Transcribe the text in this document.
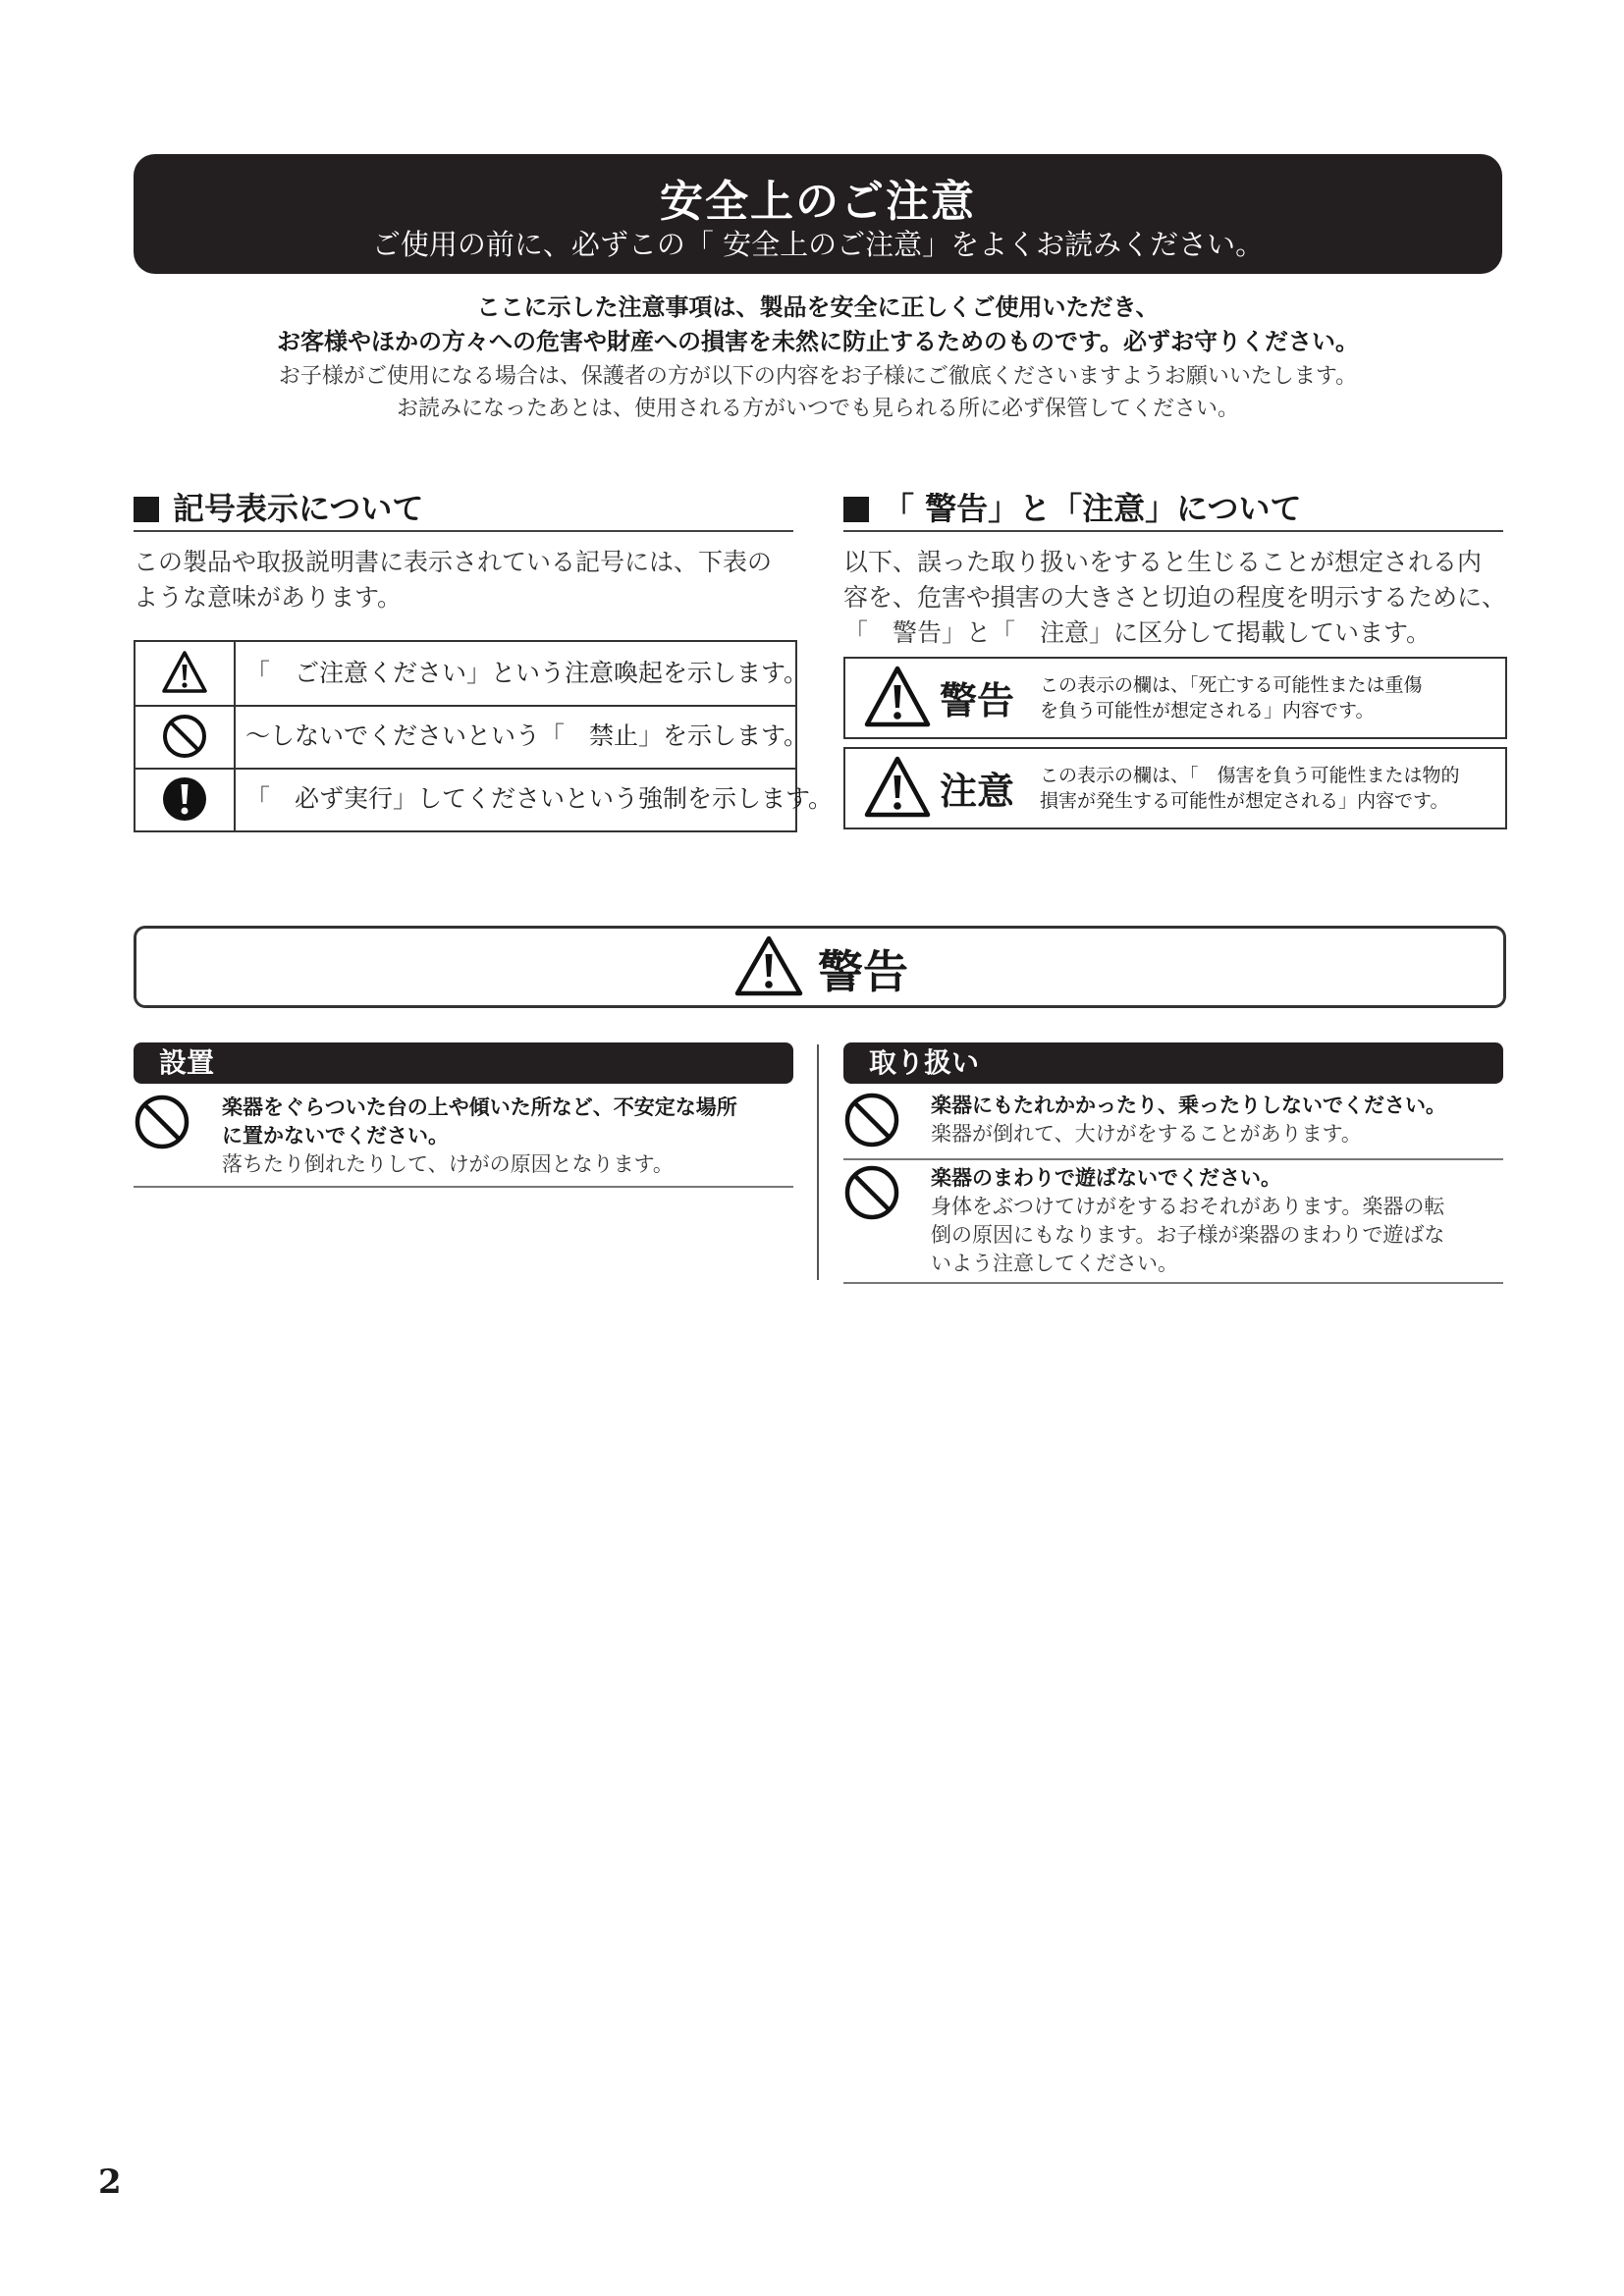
安全上のご注意
ご使用の前に、必ずこの「 安全上のご注意」をよくお読みください。
ここに示した注意事項は、製品を安全に正しくご使用いただき、
お客様やほかの方々への危害や財産への損害を未然に防止するためのものです。必ずお守りください。
お子様がご使用になる場合は、保護者の方が以下の内容をお子様にご徹底くださいますようお願いいたします。
お読みになったあとは、使用される方がいつでも見られる所に必ず保管してください。
記号表示について
この製品や取扱説明書に表示されている記号には、下表の
ような意味があります。
「　ご注意ください」という注意喚起を示します。
～しないでくださいという「　禁止」を示します。
「　必ず実行」してくださいという強制を示します。
「 警告」と「注意」について
以下、誤った取り扱いをすると生じることが想定される内
容を、危害や損害の大きさと切迫の程度を明示するために、
「　警告」と「　注意」に区分して掲載しています。
警告 この表示の欄は、「死亡する可能性または重傷
を負う可能性が想定される」内容です。
注意 この表示の欄は、「　傷害を負う可能性または物的
損害が発生する可能性が想定される」内容です。
警告
設置
楽器をぐらついた台の上や傾いた所など、不安定な場所
に置かないでください。
落ちたり倒れたりして、けがの原因となります。
取り扱い
楽器にもたれかかったり、乗ったりしないでください。
楽器が倒れて、大けがをすることがあります。
楽器のまわりで遊ばないでください。
身体をぶつけてけがをするおそれがあります。楽器の転
倒の原因にもなります。お子様が楽器のまわりで遊ばな
いよう注意してください。
2
